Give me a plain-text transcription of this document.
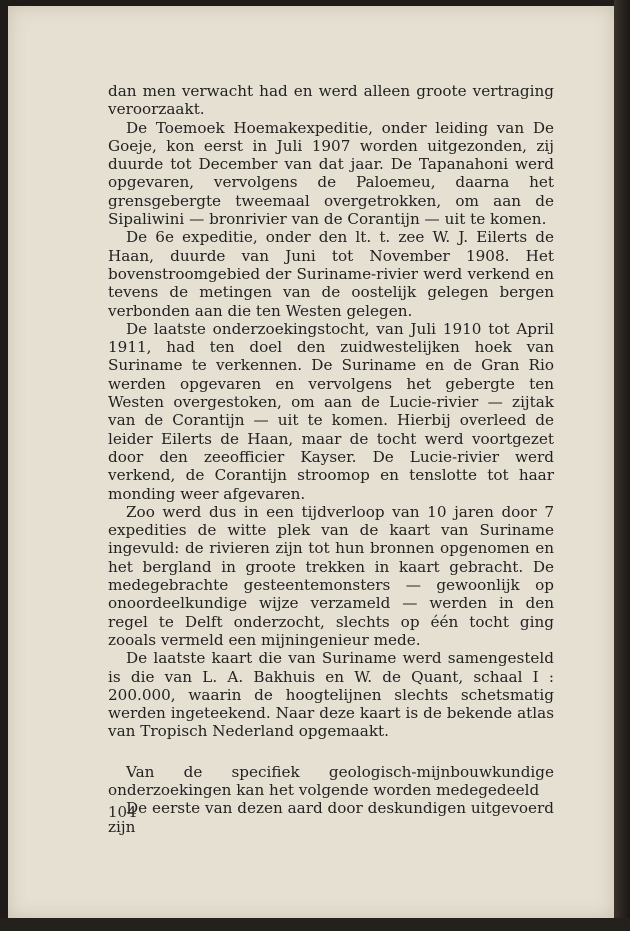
dan men verwacht had en werd alleen groote vertraging veroorzaakt.

De Toemoek Hoemakexpeditie, onder leiding van De Goeje, kon eerst in Juli 1907 worden uitgezonden, zij duurde tot December van dat jaar. De Tapanahoni werd opgevaren, vervolgens de Paloemeu, daarna het grensgebergte tweemaal overgetrokken, om aan de Sipaliwini — bronrivier van de Corantijn — uit te komen.

De 6e expeditie, onder den lt. t. zee W. J. Eilerts de Haan, duurde van Juni tot November 1908. Het bovenstroomgebied der Suriname-rivier werd verkend en tevens de metingen van de oostelijk gelegen bergen verbonden aan die ten Westen gelegen.

De laatste onderzoekingstocht, van Juli 1910 tot April 1911, had ten doel den zuidwestelijken hoek van Suriname te verkennen. De Suriname en de Gran Rio werden opgevaren en vervolgens het gebergte ten Westen overgestoken, om aan de Lucie-rivier — zijtak van de Corantijn — uit te komen. Hierbij overleed de leider Eilerts de Haan, maar de tocht werd voortgezet door den zeeofficier Kayser. De Lucie-rivier werd verkend, de Corantijn stroomop en tenslotte tot haar monding weer afgevaren.

Zoo werd dus in een tijdverloop van 10 jaren door 7 expedities de witte plek van de kaart van Suriname ingevuld: de rivieren zijn tot hun bronnen opgenomen en het bergland in groote trekken in kaart gebracht. De medegebrachte gesteentemonsters — gewoonlijk op onoordeelkundige wijze verzameld — werden in den regel te Delft onderzocht, slechts op één tocht ging zooals vermeld een mijningenieur mede.

De laatste kaart die van Suriname werd samengesteld is die van L. A. Bakhuis en W. de Quant, schaal I : 200.000, waarin de hoogtelijnen slechts schetsmatig werden ingeteekend. Naar deze kaart is de bekende atlas van Tropisch Nederland opgemaakt.

Van de specifiek geologisch-mijnbouwkundige onderzoekingen kan het volgende worden medegedeeld

De eerste van dezen aard door deskundigen uitgevoerd zijn

104
